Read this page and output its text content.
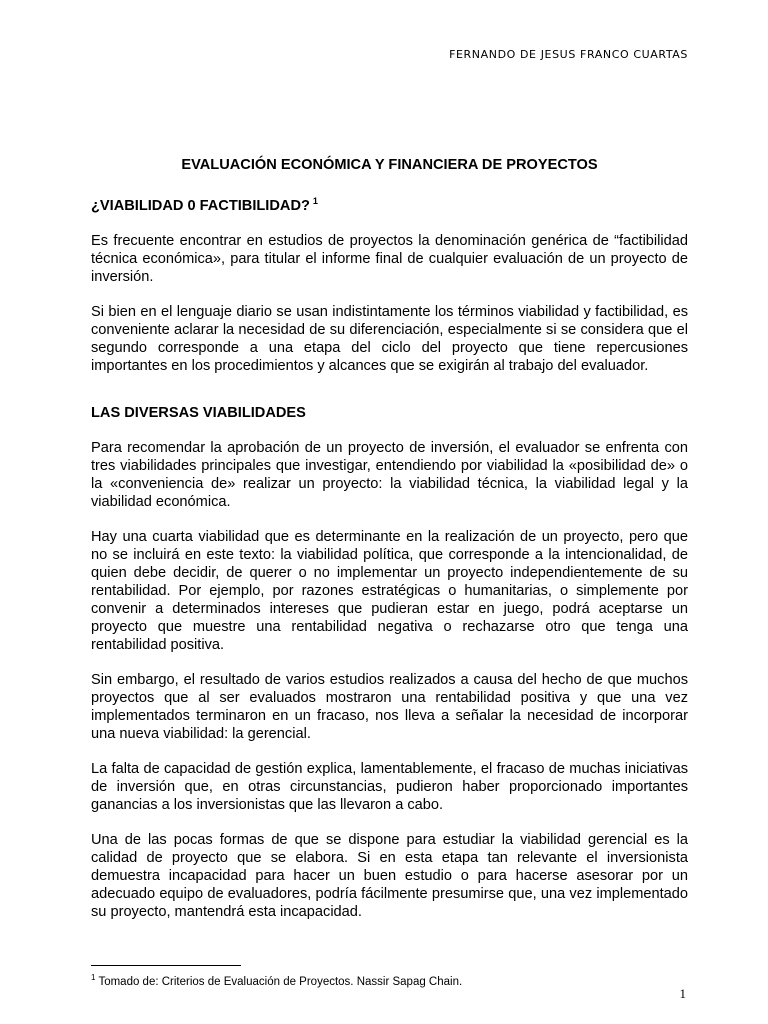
FERNANDO DE JESUS FRANCO CUARTAS
EVALUACIÓN ECONÓMICA Y FINANCIERA DE PROYECTOS
¿VIABILIDAD 0 FACTIBILIDAD? $^1$

Es frecuente encontrar en estudios de proyectos la denominación genérica de “factibilidad técnica económica», para titular el informe final de cualquier evaluación de un proyecto de inversión.

Si bien en el lenguaje diario se usan indistintamente los términos viabilidad y factibilidad, es conveniente aclarar la necesidad de su diferenciación, especialmente si se considera que el segundo corresponde a una etapa del ciclo del proyecto que tiene repercusiones importantes en los procedimientos y alcances que se exigirán al trabajo del evaluador.

LAS DIVERSAS VIABILIDADES

Para recomendar la aprobación de un proyecto de inversión, el evaluador se enfrenta con tres viabilidades principales que investigar, entendiendo por viabilidad la «posibilidad de» o la «conveniencia de» realizar un proyecto: la viabilidad técnica, la viabilidad legal y la viabilidad económica.

Hay una cuarta viabilidad que es determinante en la realización de un proyecto, pero que no se incluirá en este texto: la viabilidad política, que corresponde a la intencionalidad, de quien debe decidir, de querer o no implementar un proyecto independientemente de su rentabilidad. Por ejemplo, por razones estratégicas o humanitarias, o simplemente por convenir a determinados intereses que pudieran estar en juego, podrá aceptarse un proyecto que muestre una rentabilidad negativa o rechazarse otro que tenga una rentabilidad positiva.

Sin embargo, el resultado de varios estudios realizados a causa del hecho de que muchos proyectos que al ser evaluados mostraron una rentabilidad positiva y que una vez implementados terminaron en un fracaso, nos lleva a señalar la necesidad de incorporar una nueva viabilidad: la gerencial.

La falta de capacidad de gestión explica, lamentablemente, el fracaso de muchas iniciativas de inversión que, en otras circunstancias, pudieron haber proporcionado importantes ganancias a los inversionistas que las llevaron a cabo.

Una de las pocas formas de que se dispone para estudiar la viabilidad gerencial es la calidad de proyecto que se elabora. Si en esta etapa tan relevante el inversionista demuestra incapacidad para hacer un buen estudio o para hacerse asesorar por un adecuado equipo de evaluadores, podría fácilmente presumirse que, una vez implementado su proyecto, mantendrá esta incapacidad.

$^1$ Tomado de: Criterios de Evaluación de Proyectos. Nassir Sapag Chain.
1
